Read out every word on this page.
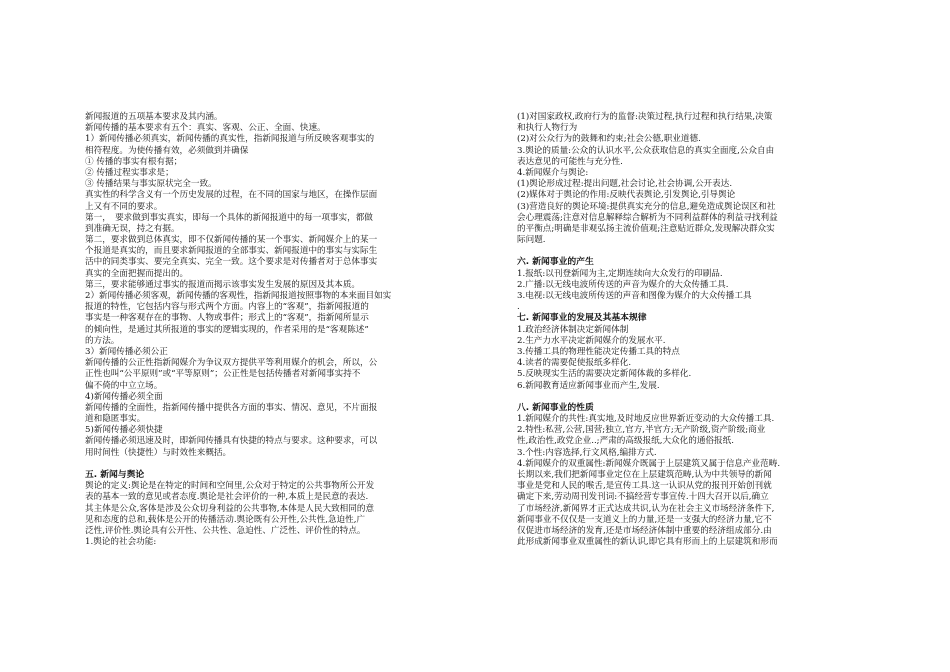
新闻报道的五项基本要求及其内涵。
新闻传播的基本要求有五个：真实、客观、公正、全面、快速。
1）新闻传播必须真实，新闻传播的真实性，指新闻报道与所反映客观事实的
相符程度。为使传播有效，必须做到并确保
① 传播的事实有根有据；
② 传播过程实事求是；
③ 传播结果与事实原状完全一致。
真实性的科学含义有一个历史发展的过程，在不同的国家与地区，在操作层面
上又有不同的要求。
第一，　要求做到事实真实，即每一个具体的新闻报道中的每一项事实，都做
到准确无误，持之有据。
第二，要求做到总体真实，即不仅新闻传播的某一个事实、新闻媒介上的某一
个报道是真实的，而且要求新闻报道的全部事实、新闻报道中的事实与实际生
活中的同类事实、要完全真实、完全一致。这个要求是对传播者对于总体事实
真实的全面把握而提出的。
第三，要求能够通过事实的报道而揭示该事实发生发展的原因及其本质。
2）新闻传播必须客观，新闻传播的客观性，指新闻报道按照事物的本来面目如实
报道的特性，它包括内容与形式两个方面。内容上的“客观”，指新闻报道的
事实是一种客观存在的事物、人物或事件；形式上的“客观”，指新闻所显示
的倾向性，是通过其所报道的事实的逻辑实现的，作者采用的是“客观陈述”
的方法。
3）新闻传播必须公正
新闻传播的公正性指新闻媒介为争议双方提供平等利用媒介的机会，所以，公
正性也叫“公平原则”或“平等原则”；公正性是包括传播者对新闻事实持不
偏不倚的中立立场。
4)新闻传播必须全面
新闻传播的全面性，指新闻传播中提供各方面的事实、情况、意见，不片面报
道和隐匿事实。
5)新闻传播必须快捷
新闻传播必须迅速及时，即新闻传播具有快捷的特点与要求。这种要求，可以
用时间性（快捷性）与时效性来概括。
五. 新闻与舆论
舆论的定义:舆论是在特定的时间和空间里,公众对于特定的公共事物所公开发
表的基本一致的意见或者态度.舆论是社会评价的一种,本质上是民意的表达.
其主体是公众,客体是涉及公众切身利益的公共事物,本体是人民大致相同的意
见和态度的总和,载体是公开的传播活动.舆论既有公开性,公共性,急迫性,广
泛性,评价性.舆论具有公开性、公共性、急迫性、广泛性、评价性的特点。
1.舆论的社会功能:
(1)对国家政权,政府行为的监督:决策过程,执行过程和执行结果,决策
和执行人物行为
(2)对公众行为的鼓舞和约束;社会公德,职业道德.
3.舆论的质量:公众的认识水平,公众获取信息的真实全面度,公众自由
表达意见的可能性与充分性.
4.新闻媒介与舆论:
(1)舆论形成过程:提出问题,社会讨论,社会协调,公开表达.
(2)媒体对于舆论的作用:反映代表舆论,引发舆论,引导舆论
(3)营造良好的舆论环境:提供真实充分的信息,避免造成舆论误区和社
会心理震荡;注意对信息解释综合解析为不同利益群体的利益寻找利益
的平衡点;明确是非观弘扬主流价值观;注意贴近群众,发现解决群众实
际问题.
六. 新闻事业的产生
1.报纸:以刊登新闻为主,定期连续向大众发行的印刷品.
2.广播:以无线电波所传送的声音为媒介的大众传播工具.
3.电视:以无线电波所传送的声音和图像为媒介的大众传播工具
.
七. 新闻事业的发展及其基本规律
1.政治经济体制决定新闻体制
2.生产力水平决定新闻媒介的发展水平.
3.传播工具的物理性能决定传播工具的特点
4.读者的需要促使报纸多样化.
5.反映现实生活的需要决定新闻体裁的多样化.
6.新闻教育适应新闻事业而产生,发展.
八. 新闻事业的性质
1.新闻媒介的共性:真实地,及时地反应世界新近变动的大众传播工具.
2.特性:私营,公营,国营;独立,官方,半官方;无产阶级,资产阶级;商业
性,政治性,政党企业..;严肃的高级报纸,大众化的通俗报纸.
3.个性:内容选择,行文风格,编排方式.
4.新闻媒介的双重属性:新闻媒介既属于上层建筑又属于信息产业范畴.
长期以来,我们把新闻事业定位在上层建筑范畴,认为中共领导的新闻
事业是党和人民的喉舌,是宣传工具.这一认识从党的报刊开始创刊就
确定下来,劳动周刊发刊词:不搞经营专事宣传.十四大召开以后,确立
了市场经济,新闻界才正式达成共识,认为在社会主义市场经济条件下,
新闻事业不仅仅是一支道义上的力量,还是一支强大的经济力量,它不
仅促进市场经济的发育,还是市场经济体制中重要的经济组成部分.由
此形成新闻事业双重属性的新认识,即它具有形而上的上层建筑和形而
